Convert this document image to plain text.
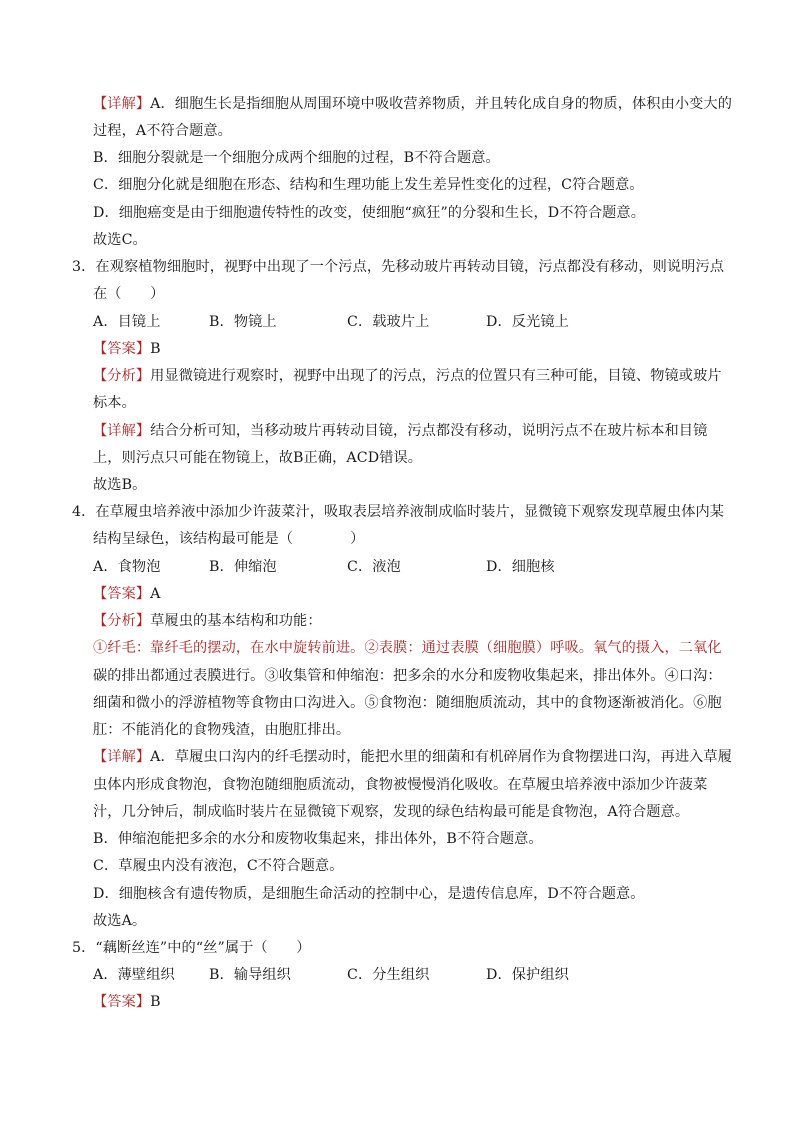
【详解】A．细胞生长是指细胞从周围环境中吸收营养物质，并且转化成自身的物质，体积由小变大的
过程，A不符合题意。
B．细胞分裂就是一个细胞分成两个细胞的过程，B不符合题意。
C．细胞分化就是细胞在形态、结构和生理功能上发生差异性变化的过程，C符合题意。
D．细胞癌变是由于细胞遗传特性的改变，使细胞“疯狂”的分裂和生长，D不符合题意。
故选C。
3．在观察植物细胞时，视野中出现了一个污点，先移动玻片再转动目镜，污点都没有移动，则说明污点
在（　　）
A．目镜上	B．物镜上	C．载玻片上	D．反光镜上
【答案】B
【分析】用显微镜进行观察时，视野中出现了的污点，污点的位置只有三种可能，目镜、物镜或玻片
标本。
【详解】结合分析可知，当移动玻片再转动目镜，污点都没有移动，说明污点不在玻片标本和目镜
上，则污点只可能在物镜上，故B正确，ACD错误。
故选B。
4．在草履虫培养液中添加少许菠菜汁，吸取表层培养液制成临时装片，显微镜下观察发现草履虫体内某
结构呈绿色，该结构最可能是（　　　　）
A．食物泡	B．伸缩泡	C．液泡	D．细胞核
【答案】A
【分析】草履虫的基本结构和功能：
①纤毛：靠纤毛的摆动，在水中旋转前进。②表膜：通过表膜（细胞膜）呼吸。氧气的摄入，二氧化
碳的排出都通过表膜进行。③收集管和伸缩泡：把多余的水分和废物收集起来，排出体外。④口沟：
细菌和微小的浮游植物等食物由口沟进入。⑤食物泡：随细胞质流动，其中的食物逐渐被消化。⑥胞
肛：不能消化的食物残渣，由胞肛排出。
【详解】A．草履虫口沟内的纤毛摆动时，能把水里的细菌和有机碎屑作为食物摆进口沟，再进入草履
虫体内形成食物泡，食物泡随细胞质流动，食物被慢慢消化吸收。在草履虫培养液中添加少许菠菜
汁，几分钟后，制成临时装片在显微镜下观察，发现的绿色结构最可能是食物泡，A符合题意。
B．伸缩泡能把多余的水分和废物收集起来，排出体外，B不符合题意。
C．草履虫内没有液泡，C不符合题意。
D．细胞核含有遗传物质，是细胞生命活动的控制中心，是遗传信息库，D不符合题意。
故选A。
5．“藕断丝连”中的“丝”属于（　　）
A．薄壁组织 B．输导组织	C．分生组织	D．保护组织
【答案】B
